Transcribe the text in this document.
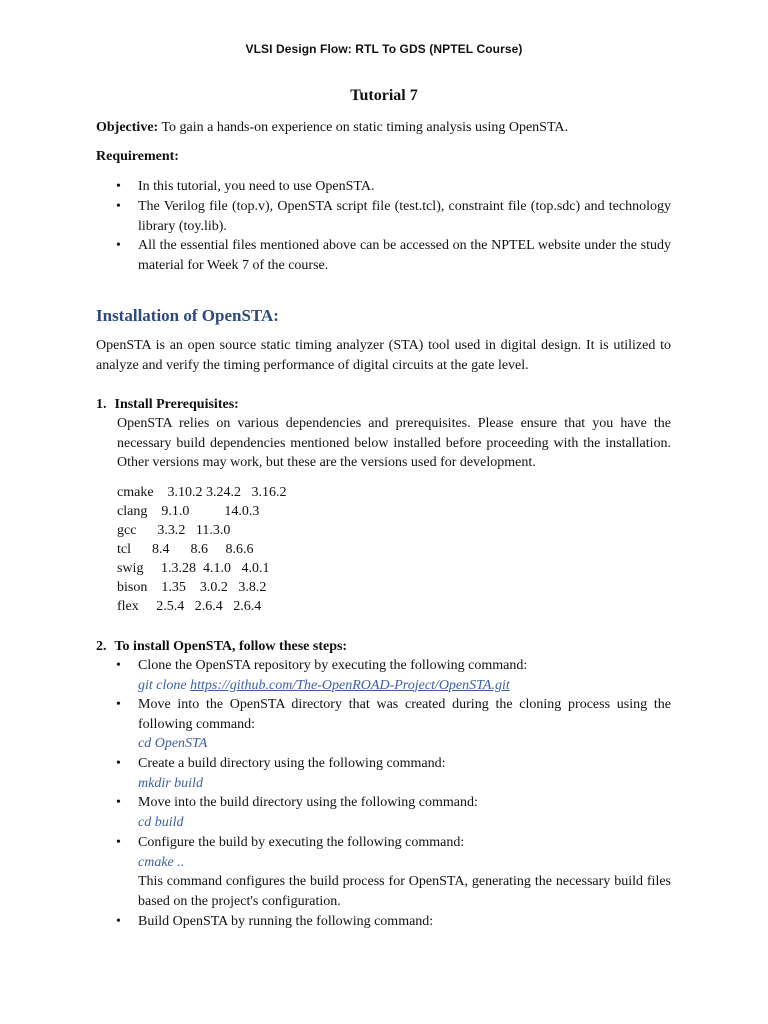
VLSI Design Flow: RTL To GDS (NPTEL Course)
Tutorial 7
Objective: To gain a hands-on experience on static timing analysis using OpenSTA.
Requirement:
•	In this tutorial, you need to use OpenSTA.
•	The Verilog file (top.v), OpenSTA script file (test.tcl), constraint file (top.sdc) and technology library (toy.lib).
•	All the essential files mentioned above can be accessed on the NPTEL website under the study material for Week 7 of the course.
Installation of OpenSTA:
OpenSTA is an open source static timing analyzer (STA) tool used in digital design. It is utilized to analyze and verify the timing performance of digital circuits at the gate level.
1. Install Prerequisites:
OpenSTA relies on various dependencies and prerequisites. Please ensure that you have the necessary build dependencies mentioned below installed before proceeding with the installation. Other versions may work, but these are the versions used for development.
cmake    3.10.2 3.24.2   3.16.2
clang    9.1.0          14.0.3
gcc      3.3.2   11.3.0
tcl      8.4      8.6     8.6.6
swig     1.3.28  4.1.0   4.0.1
bison    1.35    3.0.2   3.8.2
flex     2.5.4   2.6.4   2.6.4
2. To install OpenSTA, follow these steps:
•	Clone the OpenSTA repository by executing the following command:
git clone https://github.com/The-OpenROAD-Project/OpenSTA.git
•	Move into the OpenSTA directory that was created during the cloning process using the following command:
cd OpenSTA
•	Create a build directory using the following command:
mkdir build
•	Move into the build directory using the following command:
cd build
•	Configure the build by executing the following command:
cmake ..
This command configures the build process for OpenSTA, generating the necessary build files based on the project's configuration.
•	Build OpenSTA by running the following command:
